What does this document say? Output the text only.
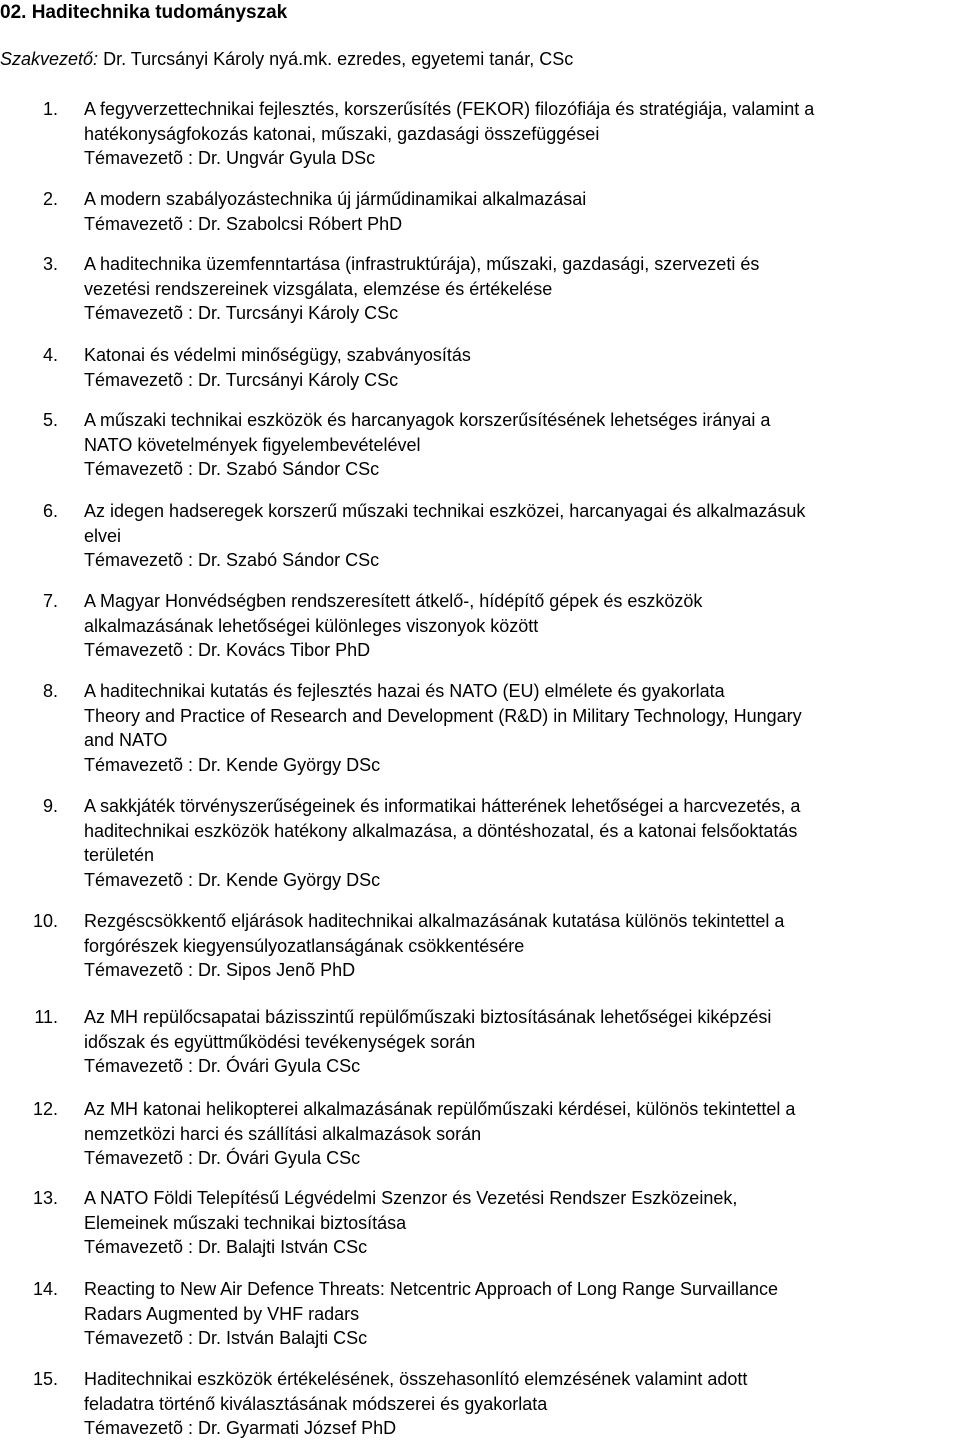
02. Haditechnika tudományszak
Szakvezető: Dr. Turcsányi Károly nyá.mk. ezredes, egyetemi tanár, CSc
1. A fegyverzettechnikai fejlesztés, korszerűsítés (FEKOR) filozófiája és stratégiája, valamint a
hatékonyságfokozás katonai, műszaki, gazdasági összefüggései
Témavezetõ : Dr. Ungvár Gyula DSc
2. A modern szabályozástechnika új járműdinamikai alkalmazásai
Témavezetõ : Dr. Szabolcsi Róbert PhD
3. A haditechnika üzemfenntartása (infrastruktúrája), műszaki, gazdasági, szervezeti és
vezetési rendszereinek vizsgálata, elemzése és értékelése
Témavezetõ : Dr. Turcsányi Károly CSc
4. Katonai és védelmi minőségügy, szabványosítás
Témavezetõ : Dr. Turcsányi Károly CSc
5. A műszaki technikai eszközök és harcanyagok korszerűsítésének lehetséges irányai a
NATO követelmények figyelembevételével
Témavezetõ : Dr. Szabó Sándor CSc
6. Az idegen hadseregek korszerű műszaki technikai eszközei, harcanyagai és alkalmazásuk
elvei
Témavezetõ : Dr. Szabó Sándor CSc
7. A Magyar Honvédségben rendszeresített átkelő-, hídépítő gépek és eszközök
alkalmazásának lehetőségei különleges viszonyok között
Témavezetõ : Dr. Kovács Tibor PhD
8. A haditechnikai kutatás és fejlesztés hazai és NATO (EU) elmélete és gyakorlata
Theory and Practice of Research and Development (R&D) in Military Technology, Hungary
and NATO
Témavezetõ : Dr. Kende György DSc
9. A sakkjáték törvényszerűségeinek és informatikai hátterének lehetőségei a harcvezetés, a
haditechnikai eszközök hatékony alkalmazása, a döntéshozatal, és a katonai felsőoktatás
területén
Témavezetõ : Dr. Kende György DSc
10. Rezgéscsökkentő eljárások haditechnikai alkalmazásának kutatása különös tekintettel a
forgórészek kiegyensúlyozatlanságának csökkentésére
Témavezetõ : Dr. Sipos Jenõ PhD
11. Az MH repülőcsapatai bázisszintű repülőműszaki biztosításának lehetőségei kiképzési
időszak és együttműködési tevékenységek során
Témavezetõ : Dr. Óvári Gyula CSc
12. Az MH katonai helikopterei alkalmazásának repülőműszaki kérdései, különös tekintettel a
nemzetközi harci és szállítási alkalmazások során
Témavezetõ : Dr. Óvári Gyula CSc
13. A NATO Földi Telepítésű Légvédelmi Szenzor és Vezetési Rendszer Eszközeinek,
Elemeinek műszaki technikai biztosítása
Témavezetõ : Dr. Balajti István CSc
14. Reacting to New Air Defence Threats: Netcentric Approach of Long Range Survaillance
Radars Augmented by VHF radars
Témavezetõ : Dr. István Balajti CSc
15. Haditechnikai eszközök értékelésének, összehasonlító elemzésének valamint adott
feladatra történő kiválasztásának módszerei és gyakorlata
Témavezetõ : Dr. Gyarmati József PhD
